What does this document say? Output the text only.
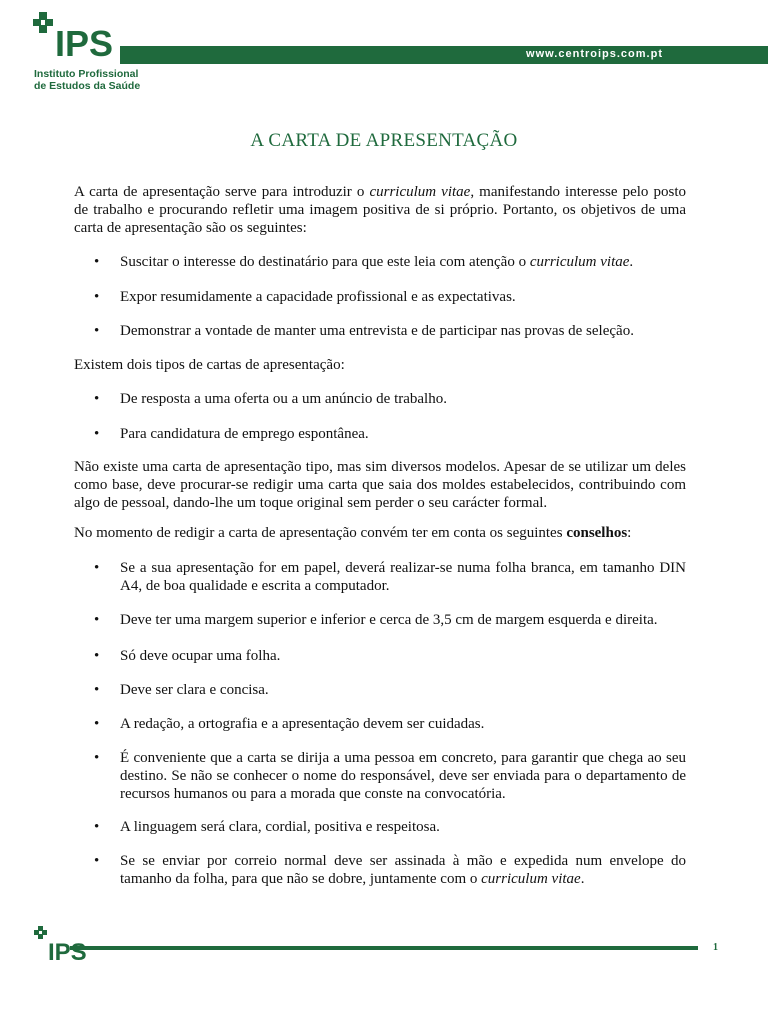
www.centroips.com.pt
IPS
Instituto Profissional
de Estudos da Saúde
A CARTA DE APRESENTAÇÃO
A carta de apresentação serve para introduzir o curriculum vitae, manifestando interesse pelo posto de trabalho e procurando refletir uma imagem positiva de si próprio. Portanto, os objetivos de uma carta de apresentação são os seguintes:
• Suscitar o interesse do destinatário para que este leia com atenção o curriculum vitae.
• Expor resumidamente a capacidade profissional e as expectativas.
• Demonstrar a vontade de manter uma entrevista e de participar nas provas de seleção.
Existem dois tipos de cartas de apresentação:
• De resposta a uma oferta ou a um anúncio de trabalho.
• Para candidatura de emprego espontânea.
Não existe uma carta de apresentação tipo, mas sim diversos modelos. Apesar de se utilizar um deles como base, deve procurar-se redigir uma carta que saia dos moldes estabelecidos, contribuindo com algo de pessoal, dando-lhe um toque original sem perder o seu carácter formal.
No momento de redigir a carta de apresentação convém ter em conta os seguintes conselhos:
• Se a sua apresentação for em papel, deverá realizar-se numa folha branca, em tamanho DIN A4, de boa qualidade e escrita a computador.
• Deve ter uma margem superior e inferior e cerca de 3,5 cm de margem esquerda e direita.
• Só deve ocupar uma folha.
• Deve ser clara e concisa.
• A redação, a ortografia e a apresentação devem ser cuidadas.
• É conveniente que a carta se dirija a uma pessoa em concreto, para garantir que chega ao seu destino. Se não se conhecer o nome do responsável, deve ser enviada para o departamento de recursos humanos ou para a morada que conste na convocatória.
• A linguagem será clara, cordial, positiva e respeitosa.
• Se se enviar por correio normal deve ser assinada à mão e expedida num envelope do tamanho da folha, para que não se dobre, juntamente com o curriculum vitae.
IPS	1
